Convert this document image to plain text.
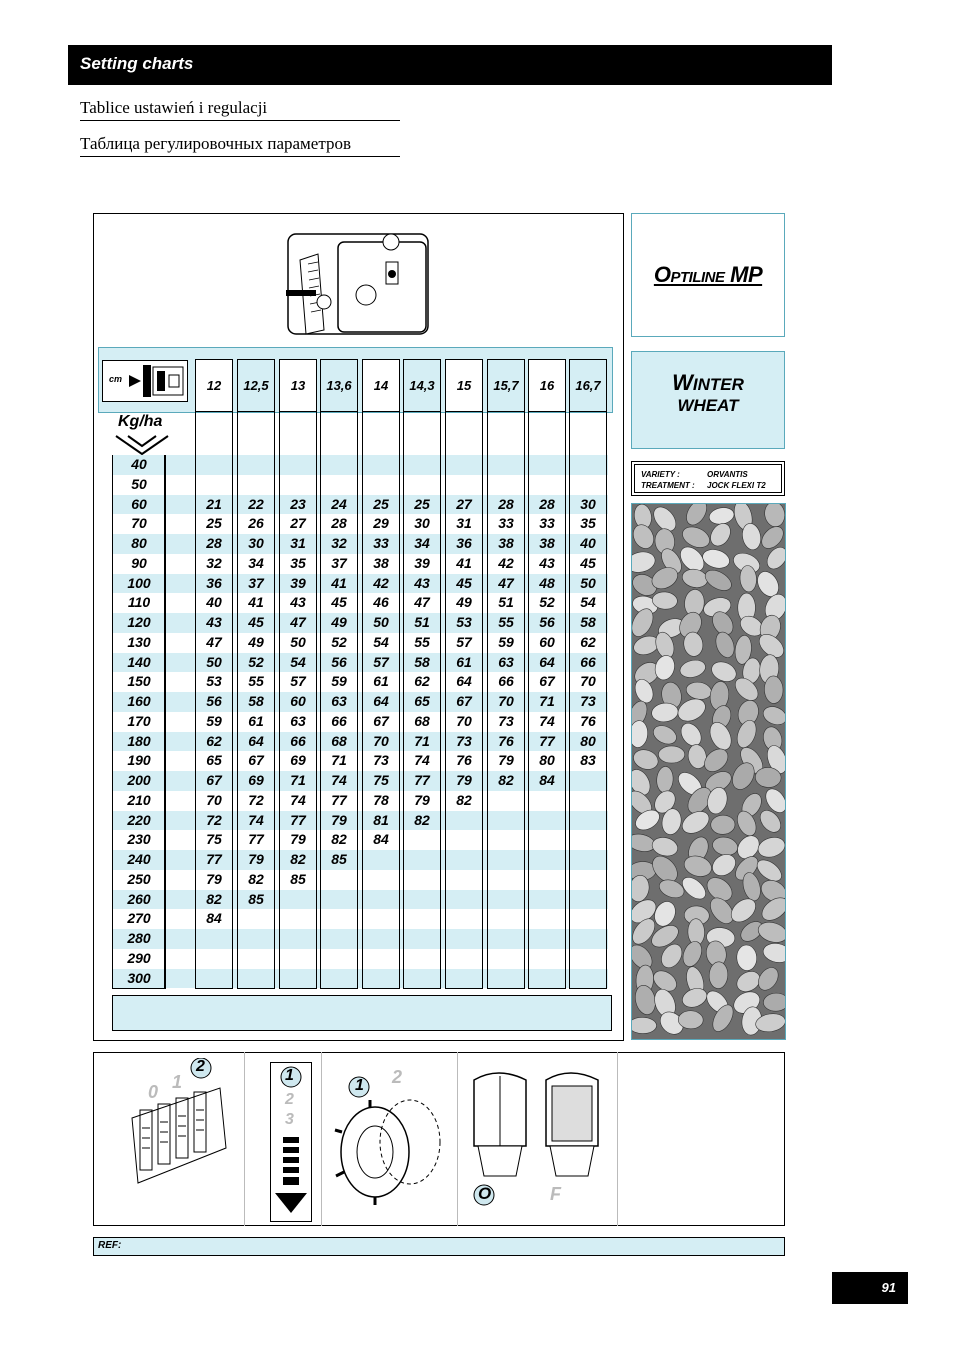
Setting charts
Tablice ustawień i regulacji
Таблица регулировочных параметров
cm
Kg/ha
12
21
25
28
32
36
40
43
47
50
53
56
59
62
65
67
70
72
75
77
79
82
84
12,5
22
26
30
34
37
41
45
49
52
55
58
61
64
67
69
72
74
77
79
82
85
13
23
27
31
35
39
43
47
50
54
57
60
63
66
69
71
74
77
79
82
85
13,6
24
28
32
37
41
45
49
52
56
59
63
66
68
71
74
77
79
82
85
14
25
29
33
38
42
46
50
54
57
61
64
67
70
73
75
78
81
84
14,3
25
30
34
39
43
47
51
55
58
62
65
68
71
74
77
79
82
15
27
31
36
41
45
49
53
57
61
64
67
70
73
76
79
82
15,7
28
33
38
42
47
51
55
59
63
66
70
73
76
79
82
16
28
33
38
43
48
52
56
60
64
67
71
74
77
80
84
16,7
30
35
40
45
50
54
58
62
66
70
73
76
80
83
40
50
60
70
80
90
100
110
120
130
140
150
160
170
180
190
200
210
220
230
240
250
260
270
280
290
300
OPTILINE MP
WINTER
WHEAT
VARIETY :	ORVANTIS
TREATMENT : JOCK FLEXI T2
0 1
2
1
2
3
1 2
O	F
REF:
91
